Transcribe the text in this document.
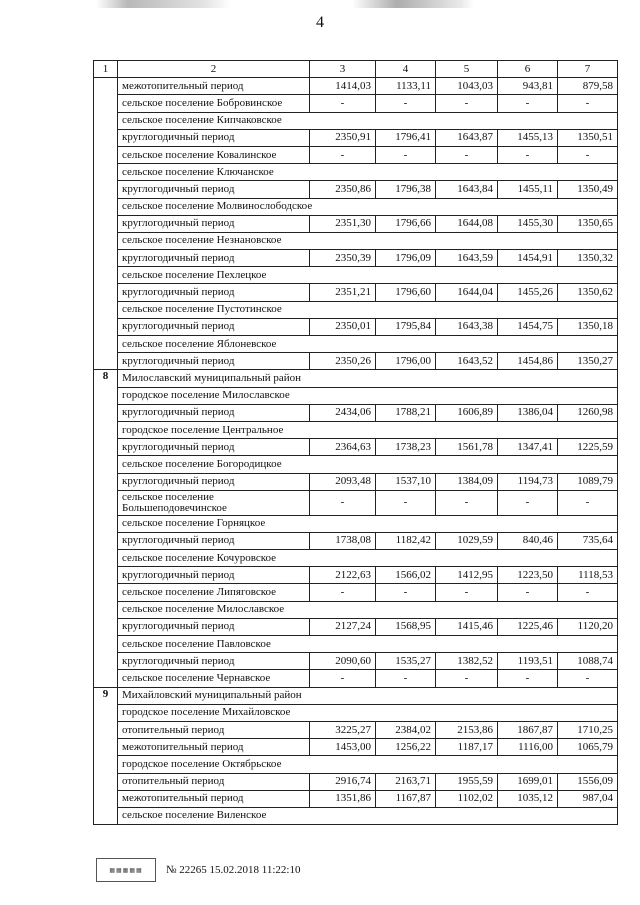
4
1	2	3	4	5	6	7
	межотопительный период	1414,03	1133,11	1043,03	943,81	879,58
	сельское поселение Бобровинское	-	-	-	-	-
	сельское поселение Кипчаковское					
	круглогодичный период	2350,91	1796,41	1643,87	1455,13	1350,51
	сельское поселение Ковалинское	-	-	-	-	-
	сельское поселение Ключанское					
	круглогодичный период	2350,86	1796,38	1643,84	1455,11	1350,49
	сельское поселение Молвинослободское					
	круглогодичный период	2351,30	1796,66	1644,08	1455,30	1350,65
	сельское поселение Незнановское					
	круглогодичный период	2350,39	1796,09	1643,59	1454,91	1350,32
	сельское поселение Пехлецкое					
	круглогодичный период	2351,21	1796,60	1644,04	1455,26	1350,62
	сельское поселение Пустотинское					
	круглогодичный период	2350,01	1795,84	1643,38	1454,75	1350,18
	сельское поселение Яблоневское					
	круглогодичный период	2350,26	1796,00	1643,52	1454,86	1350,27
8	Милославский муниципальный район					
	городское поселение Милославское					
	круглогодичный период	2434,06	1788,21	1606,89	1386,04	1260,98
	городское поселение Центральное					
	круглогодичный период	2364,63	1738,23	1561,78	1347,41	1225,59
	сельское поселение Богородицкое					
	круглогодичный период	2093,48	1537,10	1384,09	1194,73	1089,79
	сельское поселение Большеподовечинское	-	-	-	-	-
	сельское поселение Горняцкое					
	круглогодичный период	1738,08	1182,42	1029,59	840,46	735,64
	сельское поселение Кочуровское					
	круглогодичный период	2122,63	1566,02	1412,95	1223,50	1118,53
	сельское поселение Липяговское	-	-	-	-	-
	сельское поселение Милославское					
	круглогодичный период	2127,24	1568,95	1415,46	1225,46	1120,20
	сельское поселение Павловское					
	круглогодичный период	2090,60	1535,27	1382,52	1193,51	1088,74
	сельское поселение Чернавское	-	-	-	-	-
9	Михайловский муниципальный район					
	городское поселение Михайловское					
	отопительный период	3225,27	2384,02	2153,86	1867,87	1710,25
	межотопительный период	1453,00	1256,22	1187,17	1116,00	1065,79
	городское поселение Октябрьское					
	отопительный период	2916,74	2163,71	1955,59	1699,01	1556,09
	межотопительный период	1351,86	1167,87	1102,02	1035,12	987,04
	сельское поселение Виленское					
▦▦▦▦▦	№ 22265 15.02.2018 11:22:10
